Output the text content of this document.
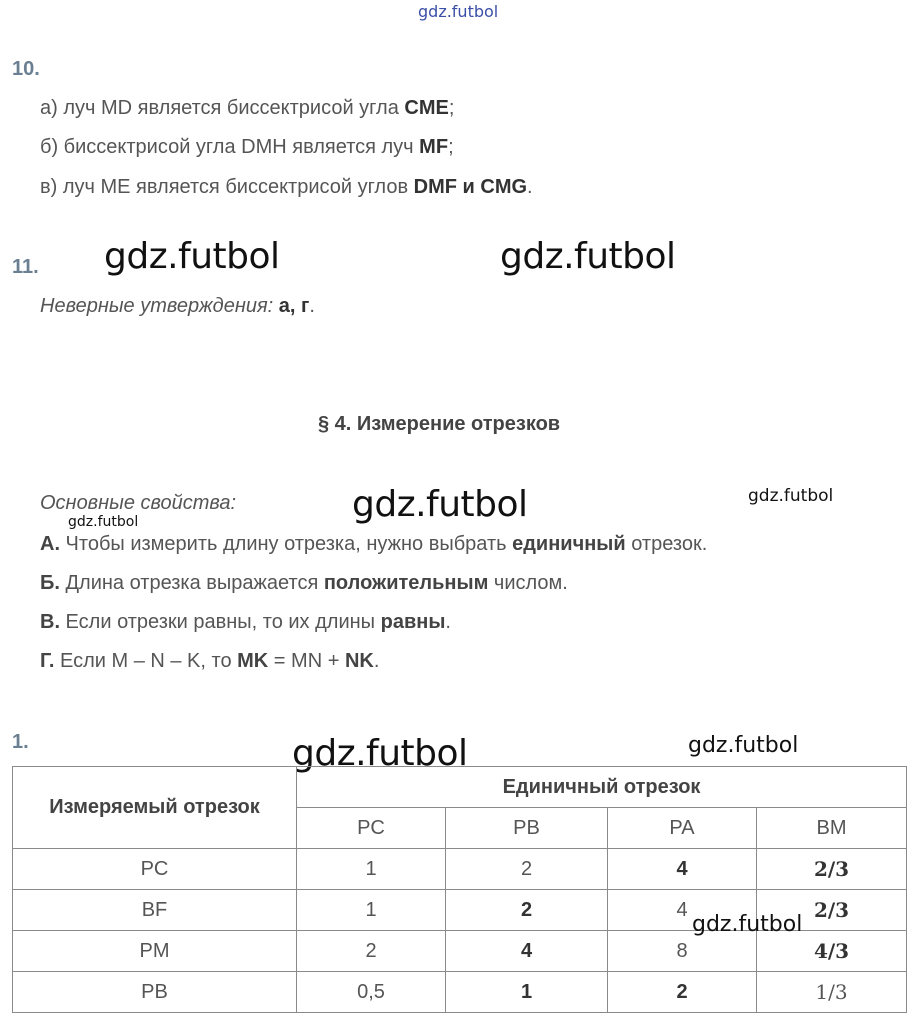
gdz.futbol
10.
а) луч MD является биссектрисой угла CME;
б) биссектрисой угла DMH является луч MF;
в) луч ME является биссектрисой углов DMF и CMG.
11. gdz.futbol	gdz.futbol
Неверные утверждения: а, г.
§ 4. Измерение отрезков
Основные свойства:	gdz.futbol	gdz.futbol
gdz.futbol
А. Чтобы измерить длину отрезка, нужно выбрать единичный отрезок.
Б. Длина отрезка выражается положительным числом.
В. Если отрезки равны, то их длины равны.
Г. Если M – N – K, то MK = MN + NK.
1.	gdz.futbol	gdz.futbol
Измеряемый отрезок	Единичный отрезок			
	PC	PB	PA	BM
PC	1	2	4	2/3
BF	1	2	4	2/3
PM	2	4	8	4/3
PB	0,5	1	2	1/3
gdz.futbol
